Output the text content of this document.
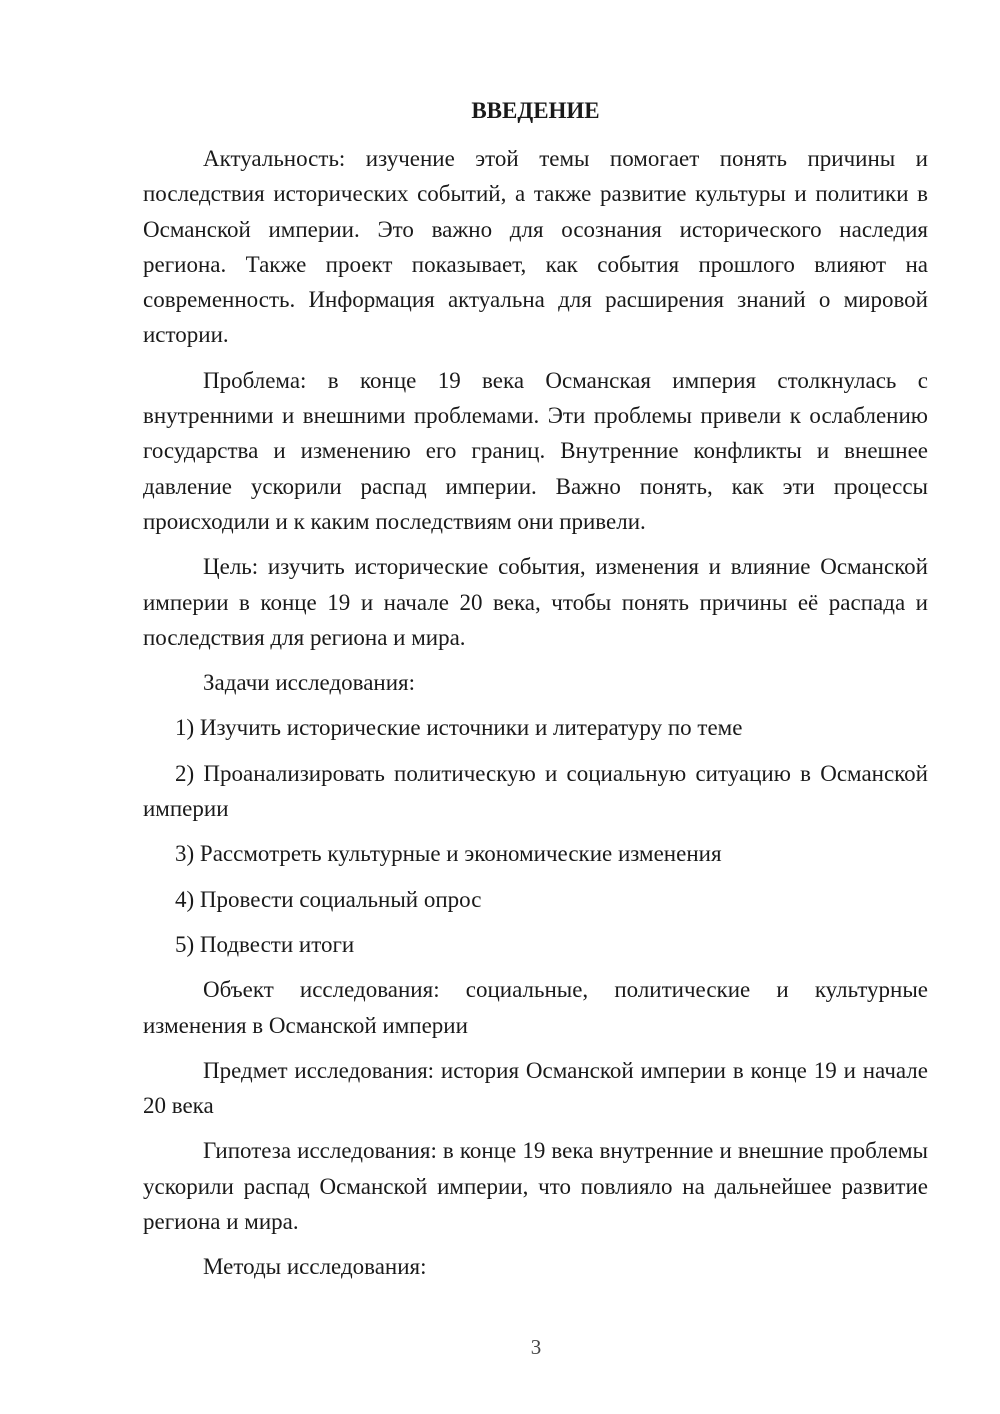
ВВЕДЕНИЕ

Актуальность: изучение этой темы помогает понять причины и последствия исторических событий, а также развитие культуры и политики в Османской империи. Это важно для осознания исторического наследия региона. Также проект показывает, как события прошлого влияют на современность. Информация актуальна для расширения знаний о мировой истории.

Проблема: в конце 19 века Османская империя столкнулась с внутренними и внешними проблемами. Эти проблемы привели к ослаблению государства и изменению его границ. Внутренние конфликты и внешнее давление ускорили распад империи. Важно понять, как эти процессы происходили и к каким последствиям они привели.

Цель: изучить исторические события, изменения и влияние Османской империи в конце 19 и начале 20 века, чтобы понять причины её распада и последствия для региона и мира.

Задачи исследования:

1) Изучить исторические источники и литературу по теме

2) Проанализировать политическую и социальную ситуацию в Османской империи

3) Рассмотреть культурные и экономические изменения

4) Провести социальный опрос

5) Подвести итоги

Объект исследования: социальные, политические и культурные изменения в Османской империи

Предмет исследования: история Османской империи в конце 19 и начале 20 века

Гипотеза исследования: в конце 19 века внутренние и внешние проблемы ускорили распад Османской империи, что повлияло на дальнейшее развитие региона и мира.

Методы исследования:

3
